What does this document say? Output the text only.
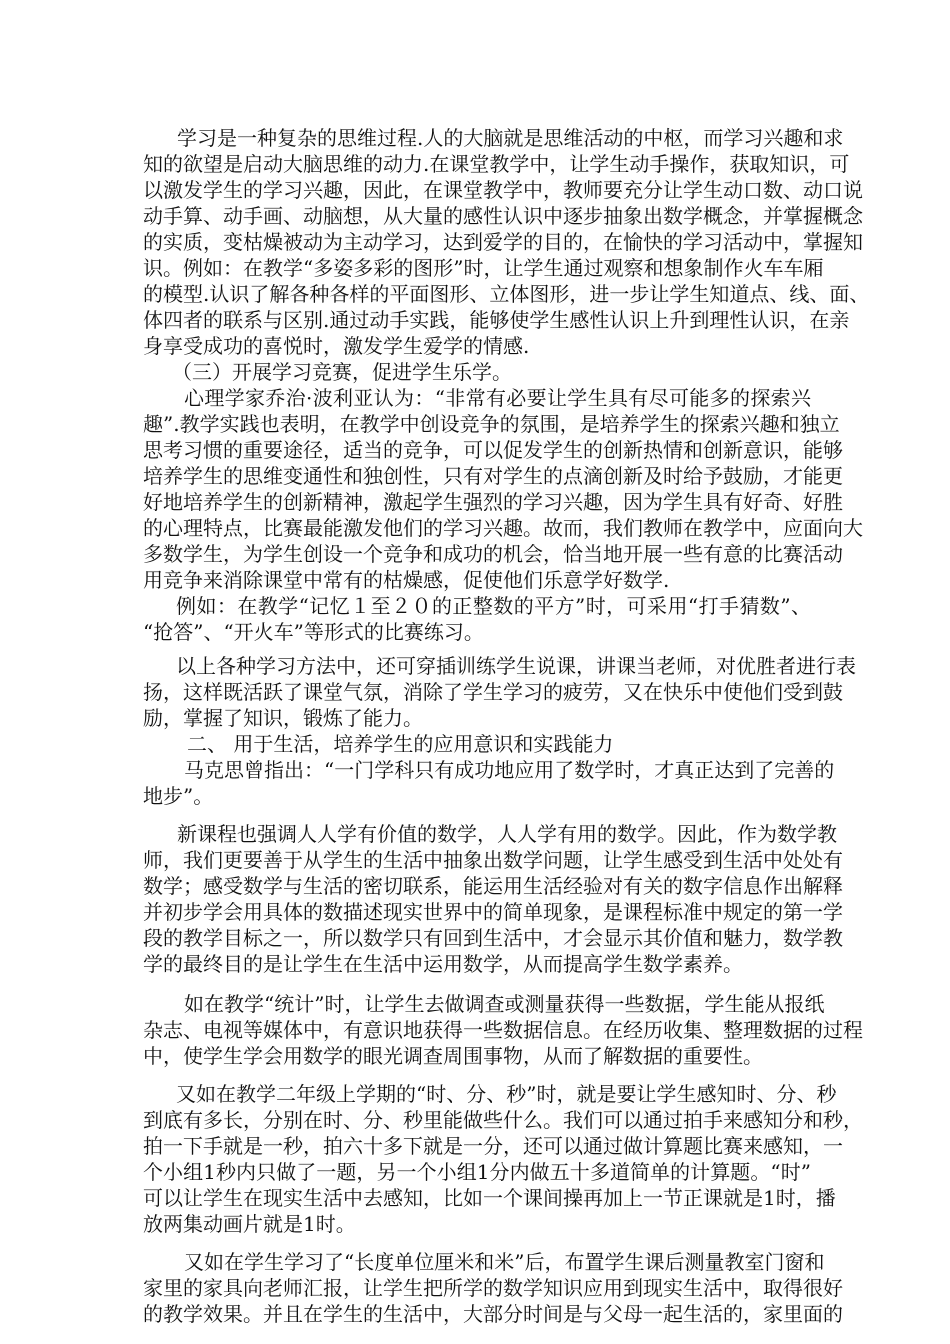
学习是一种复杂的思维过程.人的大脑就是思维活动的中枢，而学习兴趣和求
知的欲望是启动大脑思维的动力.在课堂教学中，让学生动手操作，获取知识，可
以激发学生的学习兴趣，因此，在课堂教学中，教师要充分让学生动口数、动口说
动手算、动手画、动脑想，从大量的感性认识中逐步抽象出数学概念，并掌握概念
的实质，变枯燥被动为主动学习，达到爱学的目的，在愉快的学习活动中，掌握知
识。例如：在教学“多姿多彩的图形”时，让学生通过观察和想象制作火车车厢
的模型.认识了解各种各样的平面图形、立体图形，进一步让学生知道点、线、面、
体四者的联系与区别.通过动手实践，能够使学生感性认识上升到理性认识，在亲
身享受成功的喜悦时，激发学生爱学的情感.
（三）开展学习竞赛，促进学生乐学。
心理学家乔治·波利亚认为：“非常有必要让学生具有尽可能多的探索兴
趣”.教学实践也表明，在教学中创设竞争的氛围，是培养学生的探索兴趣和独立
思考习惯的重要途径，适当的竞争，可以促发学生的创新热情和创新意识，能够
培养学生的思维变通性和独创性，只有对学生的点滴创新及时给予鼓励，才能更
好地培养学生的创新精神，激起学生强烈的学习兴趣，因为学生具有好奇、好胜
的心理特点，比赛最能激发他们的学习兴趣。故而，我们教师在教学中，应面向大
多数学生，为学生创设一个竞争和成功的机会，恰当地开展一些有意的比赛活动
用竞争来消除课堂中常有的枯燥感，促使他们乐意学好数学.
例如：在教学“记忆１至２０的正整数的平方”时，可采用“打手猜数”、
“抢答”、“开火车”等形式的比赛练习。
以上各种学习方法中，还可穿插训练学生说课，讲课当老师，对优胜者进行表
扬，这样既活跃了课堂气氛，消除了学生学习的疲劳，又在快乐中使他们受到鼓
励，掌握了知识，锻炼了能力。
二、 用于生活，培养学生的应用意识和实践能力
马克思曾指出：“一门学科只有成功地应用了数学时，才真正达到了完善的
地步”。
新课程也强调人人学有价值的数学，人人学有用的数学。因此，作为数学教
师，我们更要善于从学生的生活中抽象出数学问题，让学生感受到生活中处处有
数学；感受数学与生活的密切联系，能运用生活经验对有关的数字信息作出解释
并初步学会用具体的数描述现实世界中的简单现象，是课程标准中规定的第一学
段的教学目标之一，所以数学只有回到生活中，才会显示其价值和魅力，数学教
学的最终目的是让学生在生活中运用数学，从而提高学生数学素养。
如在教学“统计”时，让学生去做调查或测量获得一些数据，学生能从报纸
杂志、电视等媒体中，有意识地获得一些数据信息。在经历收集、整理数据的过程
中，使学生学会用数学的眼光调查周围事物，从而了解数据的重要性。
又如在教学二年级上学期的“时、分、秒”时，就是要让学生感知时、分、秒
到底有多长，分别在时、分、秒里能做些什么。我们可以通过拍手来感知分和秒，
拍一下手就是一秒，拍六十多下就是一分，还可以通过做计算题比赛来感知，一
个小组1秒内只做了一题，另一个小组1分内做五十多道简单的计算题。“时”
可以让学生在现实生活中去感知，比如一个课间操再加上一节正课就是1时，播
放两集动画片就是1时。
又如在学生学习了“长度单位厘米和米”后，布置学生课后测量教室门窗和
家里的家具向老师汇报，让学生把所学的数学知识应用到现实生活中，取得很好
的教学效果。并且在学生的生活中，大部分时间是与父母一起生活的，家里面的
